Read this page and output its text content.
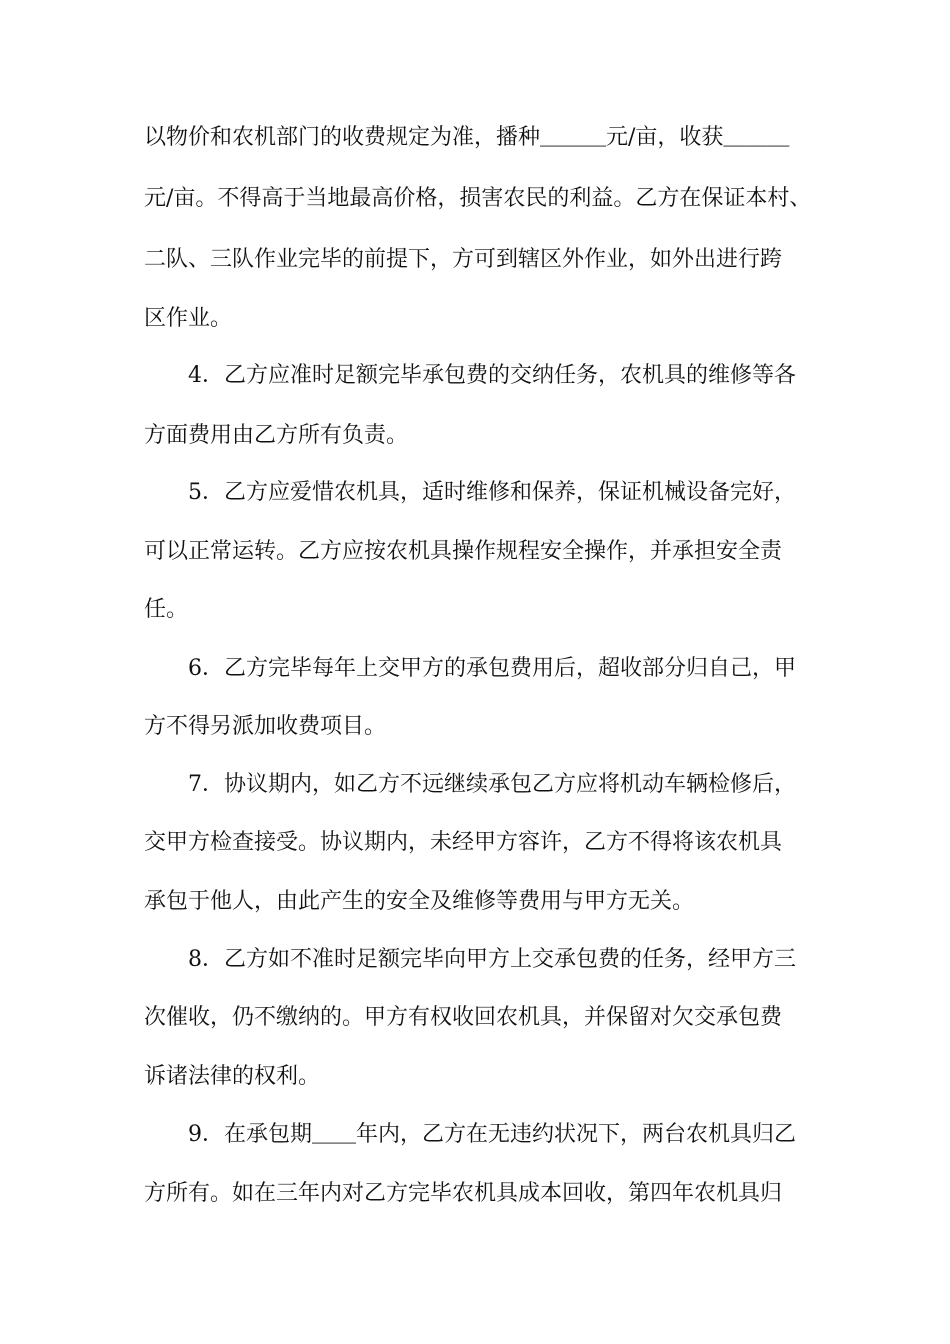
以物价和农机部门的收费规定为准，播种＿＿＿元/亩，收获＿＿＿
元/亩。不得高于当地最高价格，损害农民的利益。乙方在保证本村、
二队、三队作业完毕的前提下，方可到辖区外作业，如外出进行跨
区作业。
4．乙方应准时足额完毕承包费的交纳任务，农机具的维修等各
方面费用由乙方所有负责。
5．乙方应爱惜农机具，适时维修和保养，保证机械设备完好，
可以正常运转。乙方应按农机具操作规程安全操作，并承担安全责
任。
6．乙方完毕每年上交甲方的承包费用后，超收部分归自己，甲
方不得另派加收费项目。
7．协议期内，如乙方不远继续承包乙方应将机动车辆检修后，
交甲方检查接受。协议期内，未经甲方容许，乙方不得将该农机具
承包于他人，由此产生的安全及维修等费用与甲方无关。
8．乙方如不准时足额完毕向甲方上交承包费的任务，经甲方三
次催收，仍不缴纳的。甲方有权收回农机具，并保留对欠交承包费
诉诸法律的权利。
9．在承包期＿＿年内，乙方在无违约状况下，两台农机具归乙
方所有。如在三年内对乙方完毕农机具成本回收，第四年农机具归
